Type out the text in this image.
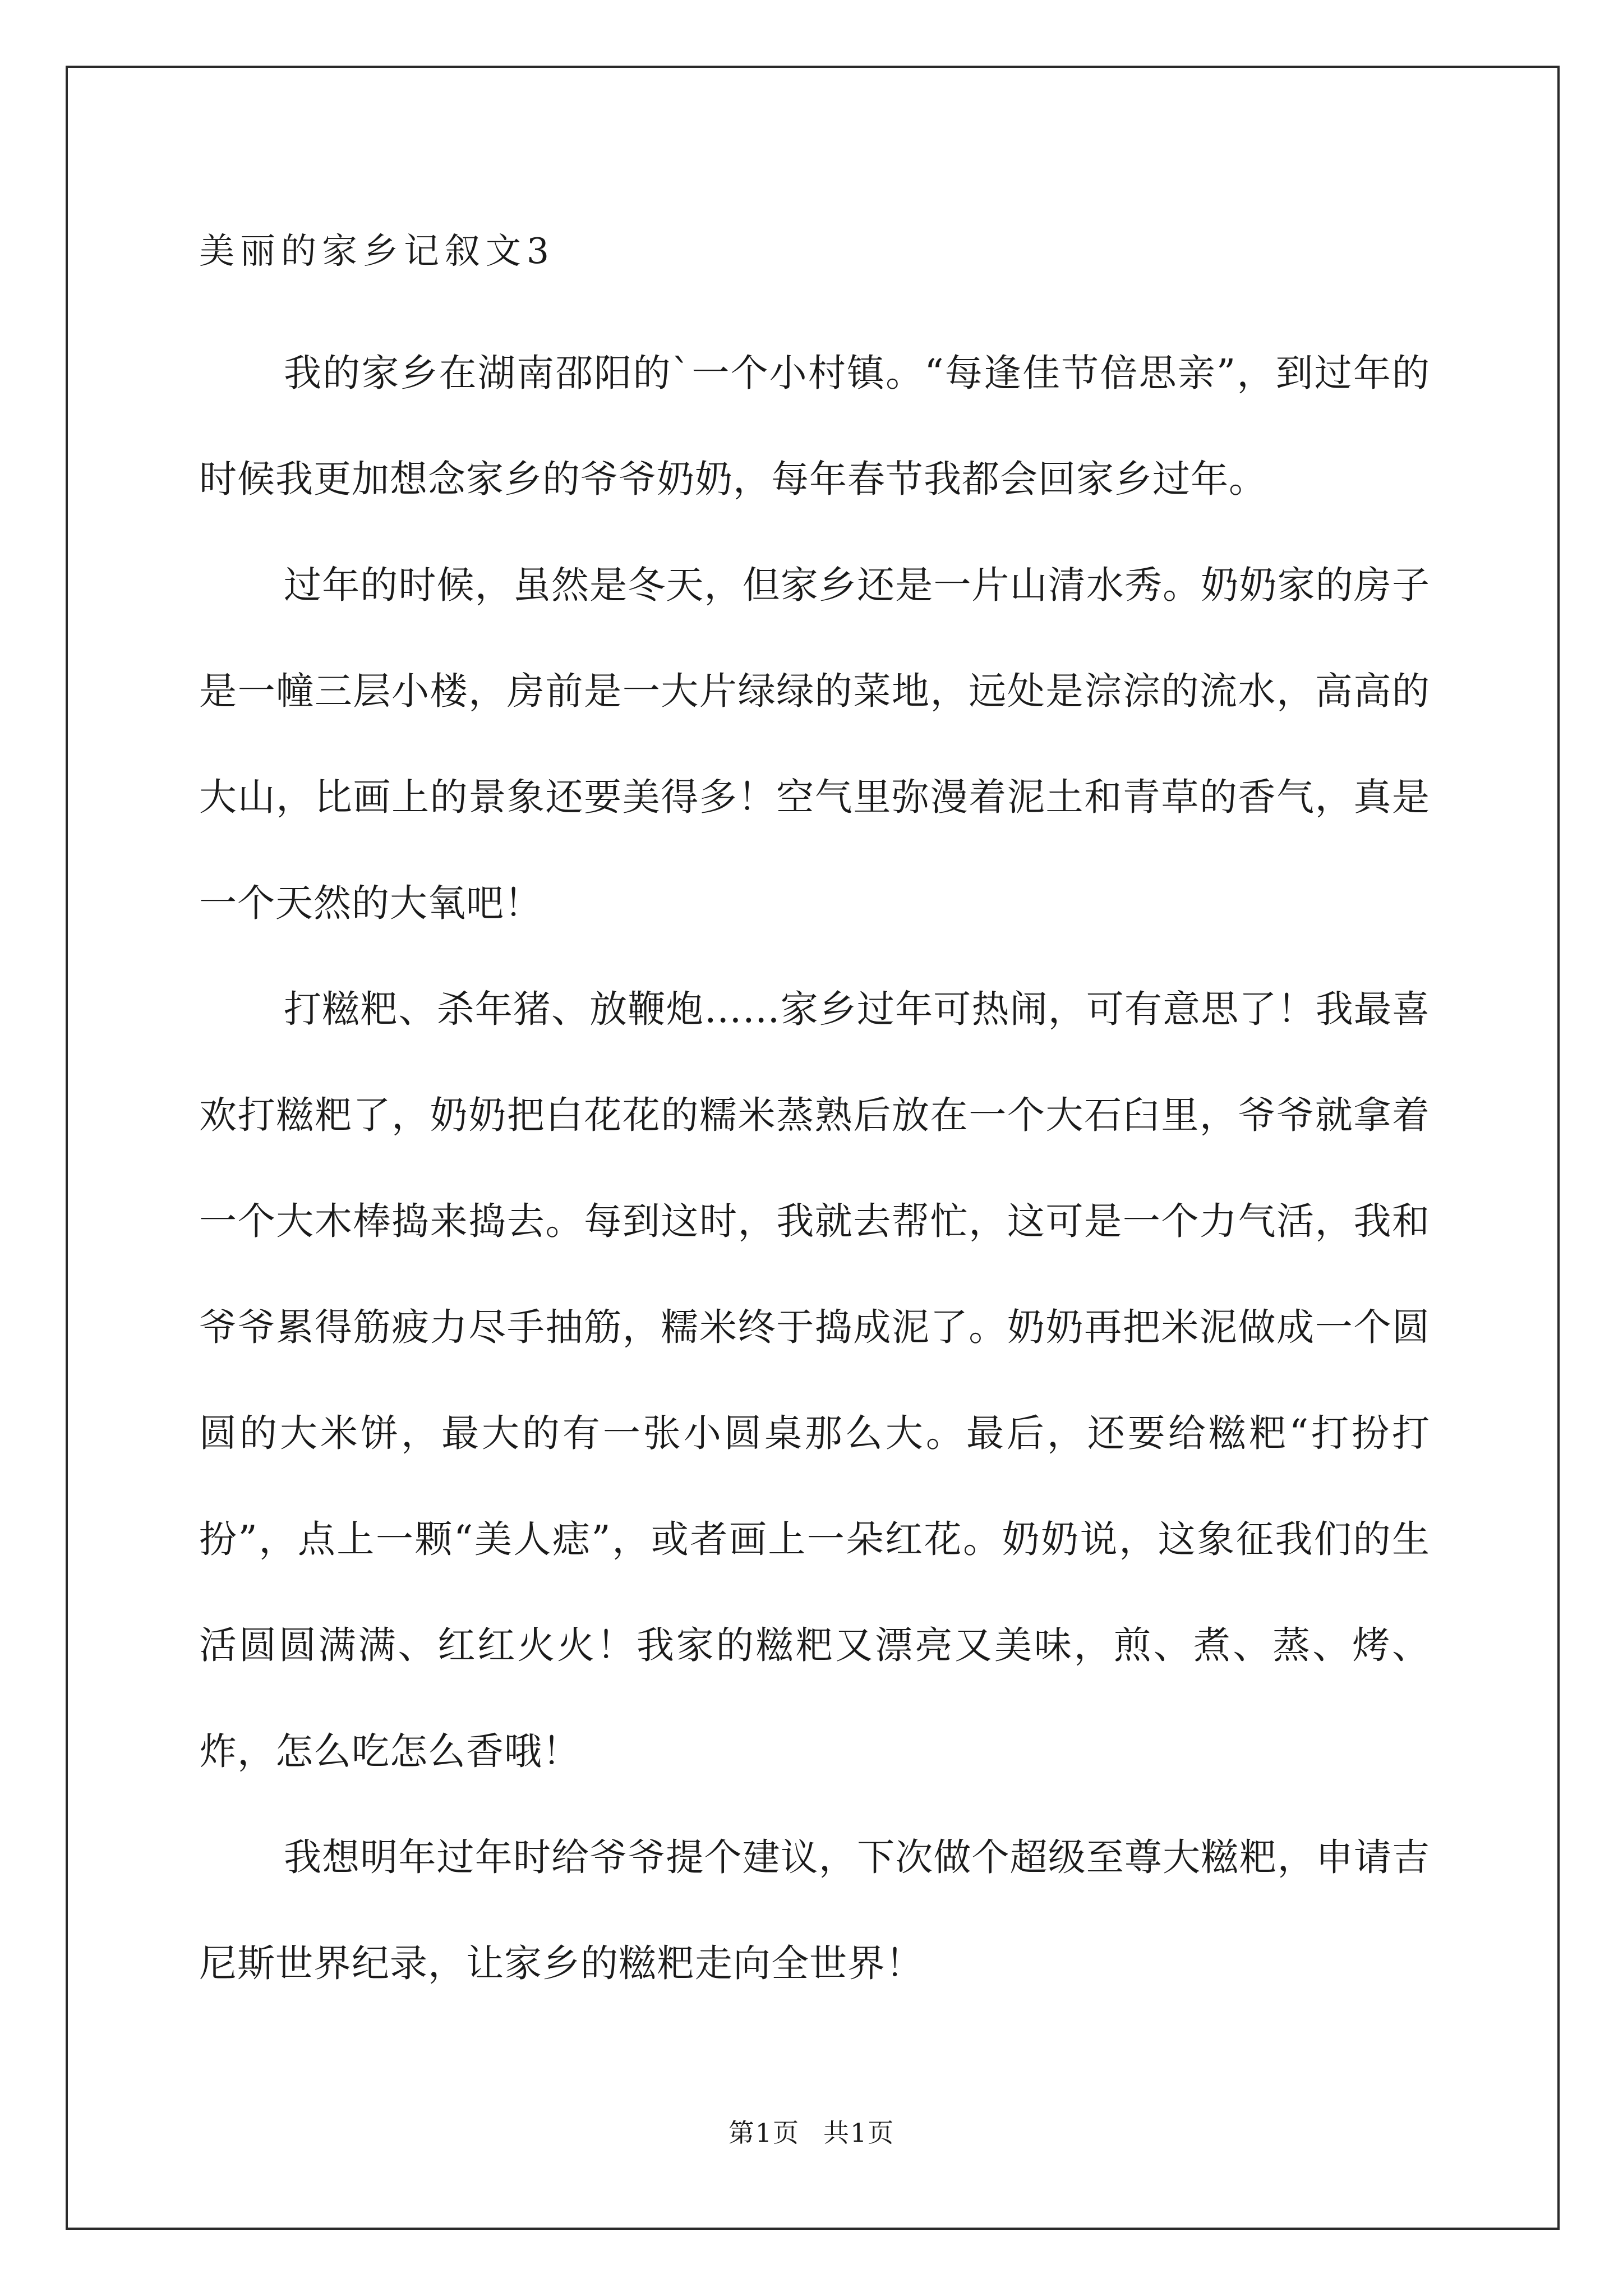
美丽的家乡记叙文3

我的家乡在湖南邵阳的`一个小村镇。“每逢佳节倍思亲”，到过年的时候我更加想念家乡的爷爷奶奶，每年春节我都会回家乡过年。

过年的时候，虽然是冬天，但家乡还是一片山清水秀。奶奶家的房子是一幢三层小楼，房前是一大片绿绿的菜地，远处是淙淙的流水，高高的大山，比画上的景象还要美得多！空气里弥漫着泥土和青草的香气，真是一个天然的大氧吧！

打糍粑、杀年猪、放鞭炮……家乡过年可热闹，可有意思了！我最喜欢打糍粑了，奶奶把白花花的糯米蒸熟后放在一个大石臼里，爷爷就拿着一个大木棒捣来捣去。每到这时，我就去帮忙，这可是一个力气活，我和爷爷累得筋疲力尽手抽筋，糯米终于捣成泥了。奶奶再把米泥做成一个圆圆的大米饼，最大的有一张小圆桌那么大。最后，还要给糍粑“打扮打扮”，点上一颗“美人痣”，或者画上一朵红花。奶奶说，这象征我们的生活圆圆满满、红红火火！我家的糍粑又漂亮又美味，煎、煮、蒸、烤、炸，怎么吃怎么香哦！

我想明年过年时给爷爷提个建议，下次做个超级至尊大糍粑，申请吉尼斯世界纪录，让家乡的糍粑走向全世界！

第1页 共1页
